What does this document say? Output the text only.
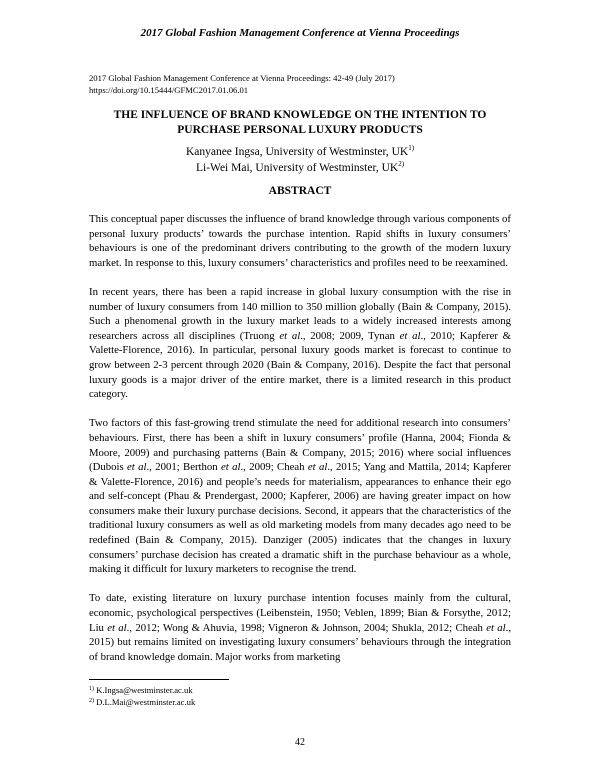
2017 Global Fashion Management Conference at Vienna Proceedings
2017 Global Fashion Management Conference at Vienna Proceedings: 42-49 (July 2017)
https://doi.org/10.15444/GFMC2017.01.06.01
THE INFLUENCE OF BRAND KNOWLEDGE ON THE INTENTION TO
PURCHASE PERSONAL LUXURY PRODUCTS
Kanyanee Ingsa, University of Westminster, UK$^{1)}$
Li-Wei Mai, University of Westminster, UK$^{2)}$
ABSTRACT

This conceptual paper discusses the influence of brand knowledge through various components of personal luxury products’ towards the purchase intention. Rapid shifts in luxury consumers’ behaviours is one of the predominant drivers contributing to the growth of the modern luxury market. In response to this, luxury consumers’ characteristics and profiles need to be reexamined.

In recent years, there has been a rapid increase in global luxury consumption with the rise in number of luxury consumers from 140 million to 350 million globally (Bain & Company, 2015). Such a phenomenal growth in the luxury market leads to a widely increased interests among researchers across all disciplines (Truong et al., 2008; 2009, Tynan et al., 2010; Kapferer & Valette-Florence, 2016). In particular, personal luxury goods market is forecast to continue to grow between 2-3 percent through 2020 (Bain & Company, 2016). Despite the fact that personal luxury goods is a major driver of the entire market, there is a limited research in this product category.

Two factors of this fast-growing trend stimulate the need for additional research into consumers’ behaviours. First, there has been a shift in luxury consumers’ profile (Hanna, 2004; Fionda & Moore, 2009) and purchasing patterns (Bain & Company, 2015; 2016) where social influences (Dubois et al., 2001; Berthon et al., 2009; Cheah et al., 2015; Yang and Mattila, 2014; Kapferer & Valette-Florence, 2016) and people’s needs for materialism, appearances to enhance their ego and self-concept (Phau & Prendergast, 2000; Kapferer, 2006) are having greater impact on how consumers make their luxury purchase decisions. Second, it appears that the characteristics of the traditional luxury consumers as well as old marketing models from many decades ago need to be redefined (Bain & Company, 2015). Danziger (2005) indicates that the changes in luxury consumers’ purchase decision has created a dramatic shift in the purchase behaviour as a whole, making it difficult for luxury marketers to recognise the trend.

To date, existing literature on luxury purchase intention focuses mainly from the cultural, economic, psychological perspectives (Leibenstein, 1950; Veblen, 1899; Bian & Forsythe, 2012; Liu et al., 2012; Wong & Ahuvia, 1998; Vigneron & Johnson, 2004; Shukla, 2012; Cheah et al., 2015) but remains limited on investigating luxury consumers’ behaviours through the integration of brand knowledge domain. Major works from marketing

$^{1)}$ K.Ingsa@westminster.ac.uk
$^{2)}$ D.L.Mai@westminster.ac.uk
42
